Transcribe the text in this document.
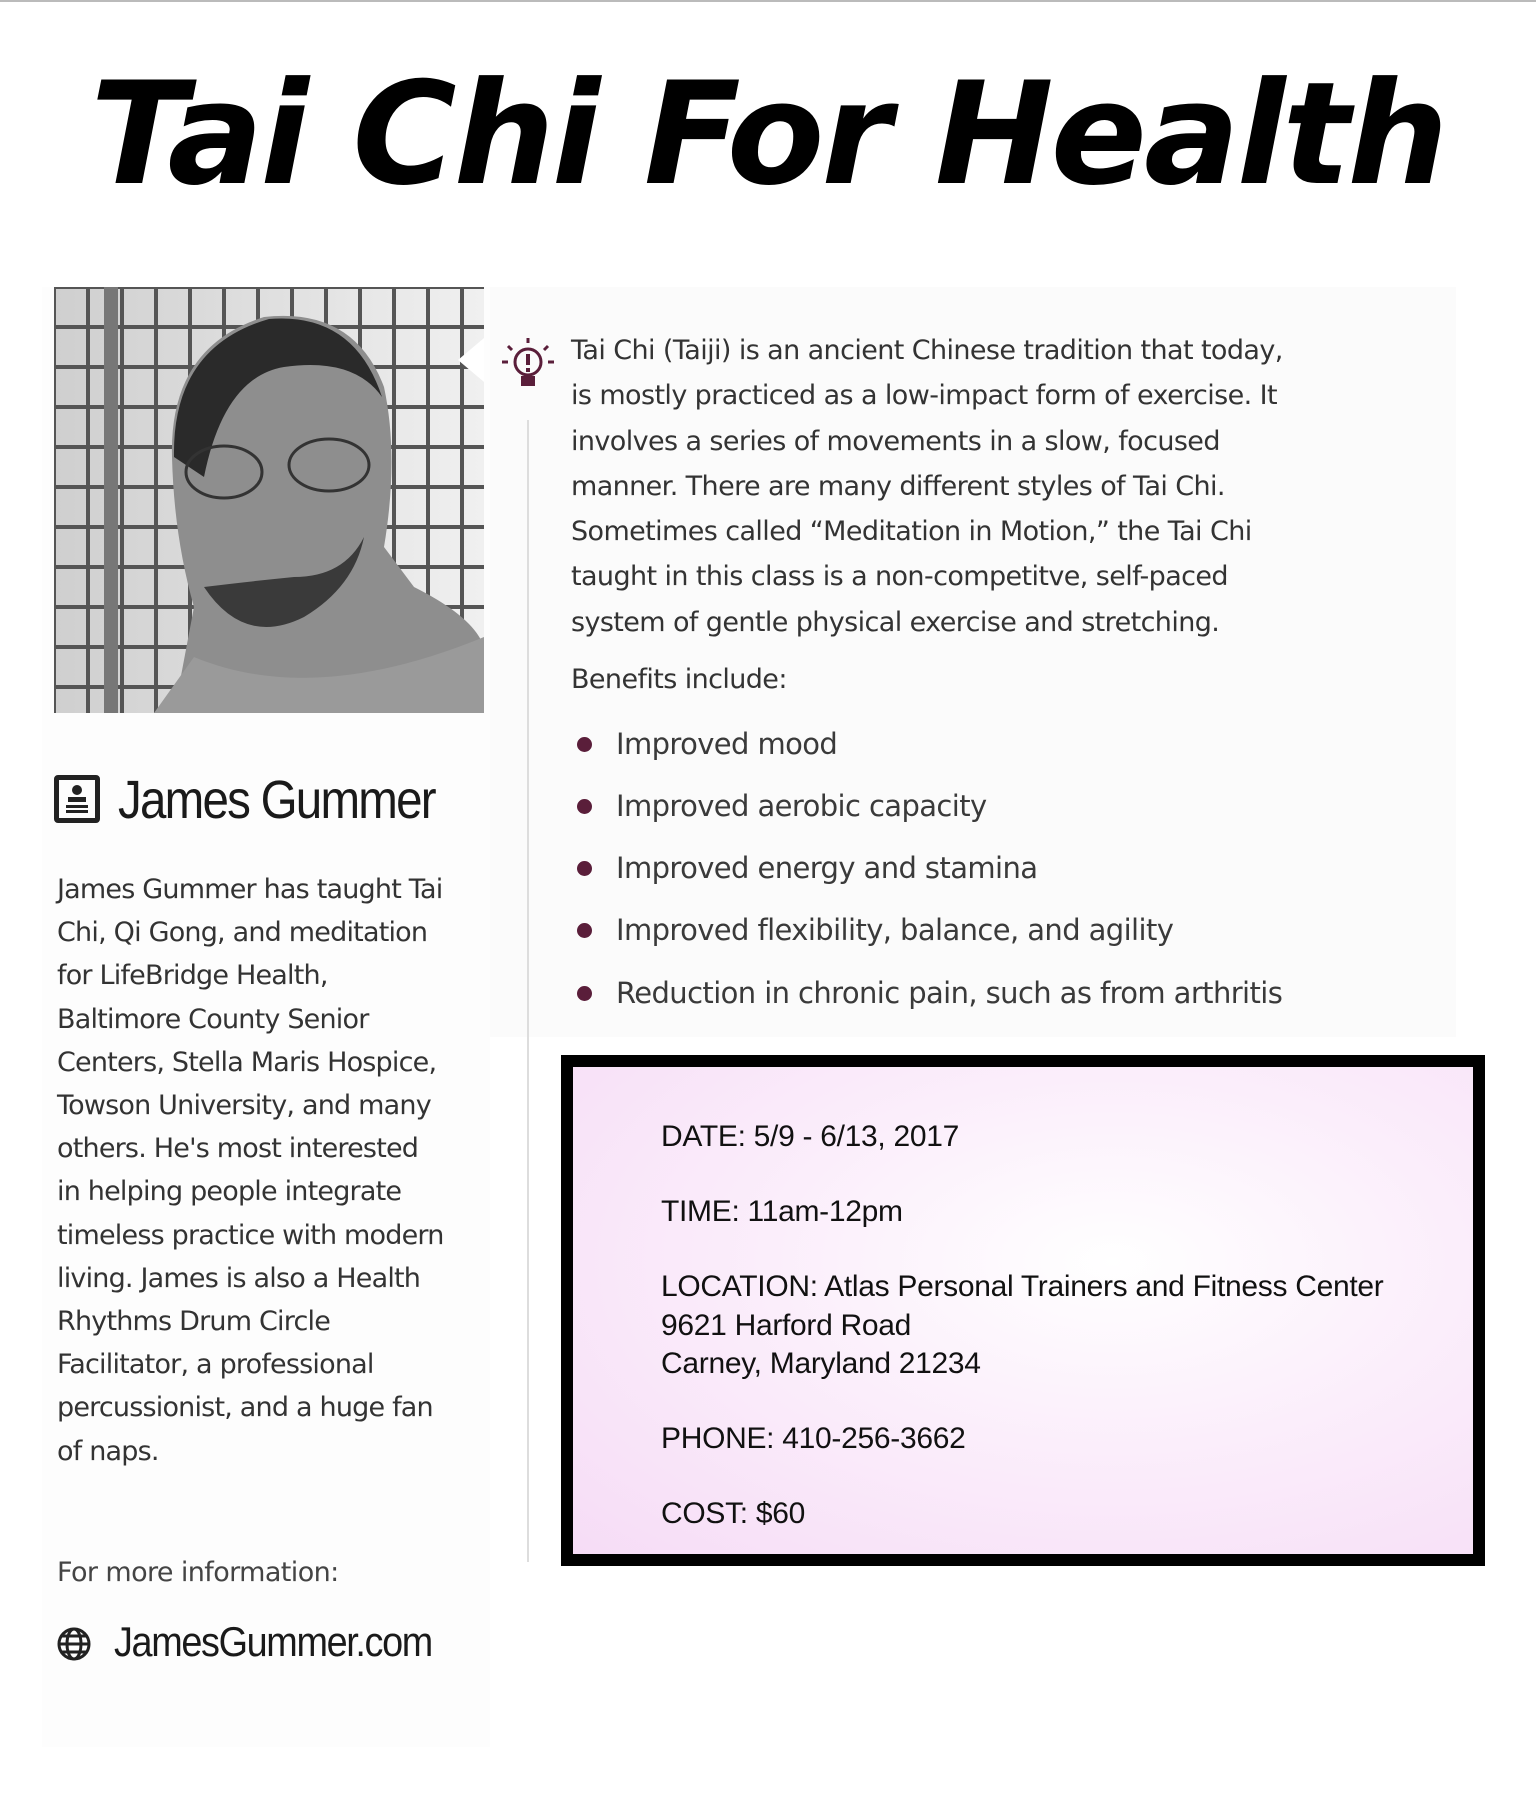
Tai Chi For Health
Tai Chi (Taiji) is an ancient Chinese tradition that today,
is mostly practiced as a low-impact form of exercise. It
involves a series of movements in a slow, focused
manner. There are many different styles of Tai Chi.
Sometimes called “Meditation in Motion,” the Tai Chi
taught in this class is a non-competitve, self-paced
system of gentle physical exercise and stretching.
Benefits include:
Improved mood
Improved aerobic capacity
Improved energy and stamina
Improved flexibility, balance, and agility
Reduction in chronic pain, such as from arthritis
James Gummer
James Gummer has taught Tai
Chi, Qi Gong, and meditation
for LifeBridge Health,
Baltimore County Senior
Centers, Stella Maris Hospice,
Towson University, and many
others. He's most interested
in helping people integrate
timeless practice with modern
living. James is also a Health
Rhythms Drum Circle
Facilitator, a professional
percussionist, and a huge fan
of naps.
For more information:
JamesGummer.com
DATE: 5/9 - 6/13, 2017
TIME: 11am-12pm
LOCATION: Atlas Personal Trainers and Fitness Center
9621 Harford Road
Carney, Maryland 21234
PHONE: 410-256-3662
COST: $60
